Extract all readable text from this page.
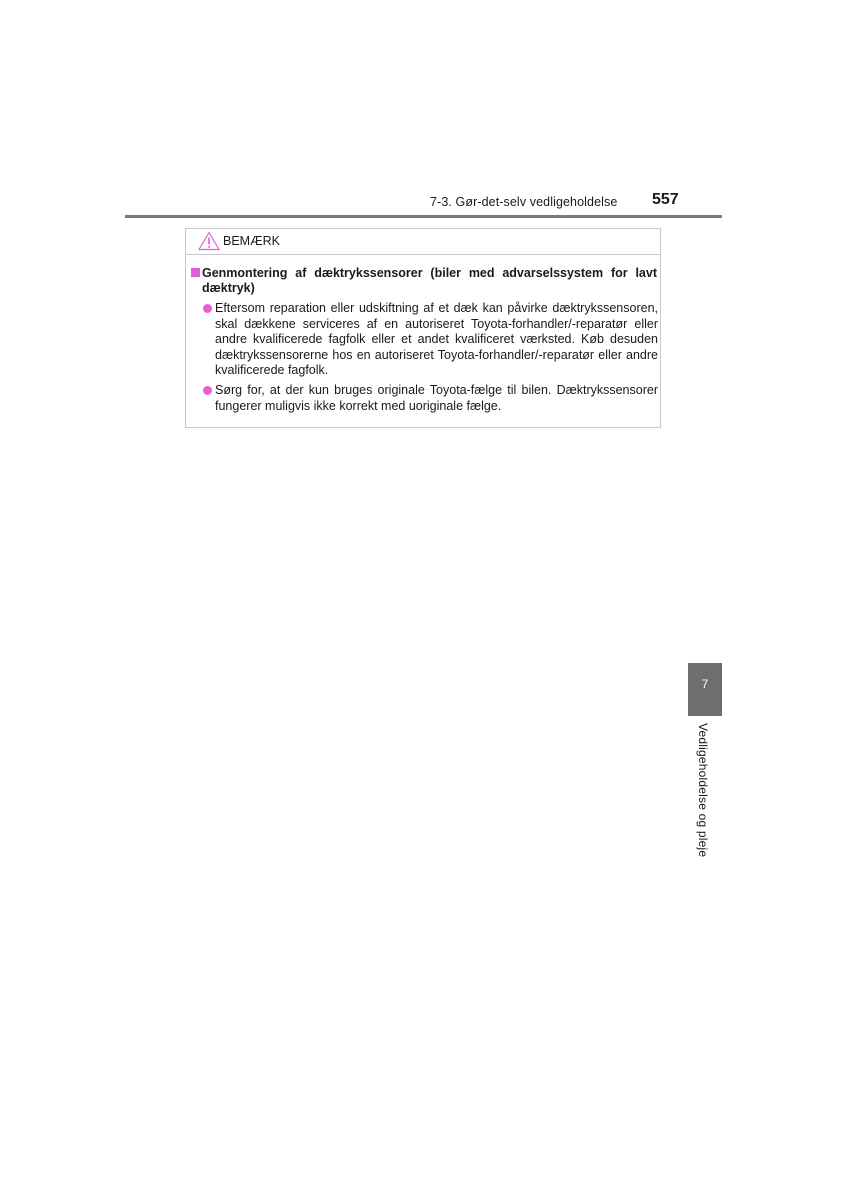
7-3. Gør-det-selv vedligeholdelse 557
BEMÆRK
Genmontering af dæktrykssensorer (biler med advarselssystem for lavt dæktryk)
Eftersom reparation eller udskiftning af et dæk kan påvirke dæktrykssensoren, skal dækkene serviceres af en autoriseret Toyota-forhandler/-reparatør eller andre kvalificerede fagfolk eller et andet kvalificeret værksted. Køb desuden dæktrykssensorerne hos en autoriseret Toyota-forhandler/-reparatør eller andre kvalificerede fagfolk.
Sørg for, at der kun bruges originale Toyota-fælge til bilen. Dæktrykssensorer fungerer muligvis ikke korrekt med uoriginale fælge.
7
Vedligeholdelse og pleje
